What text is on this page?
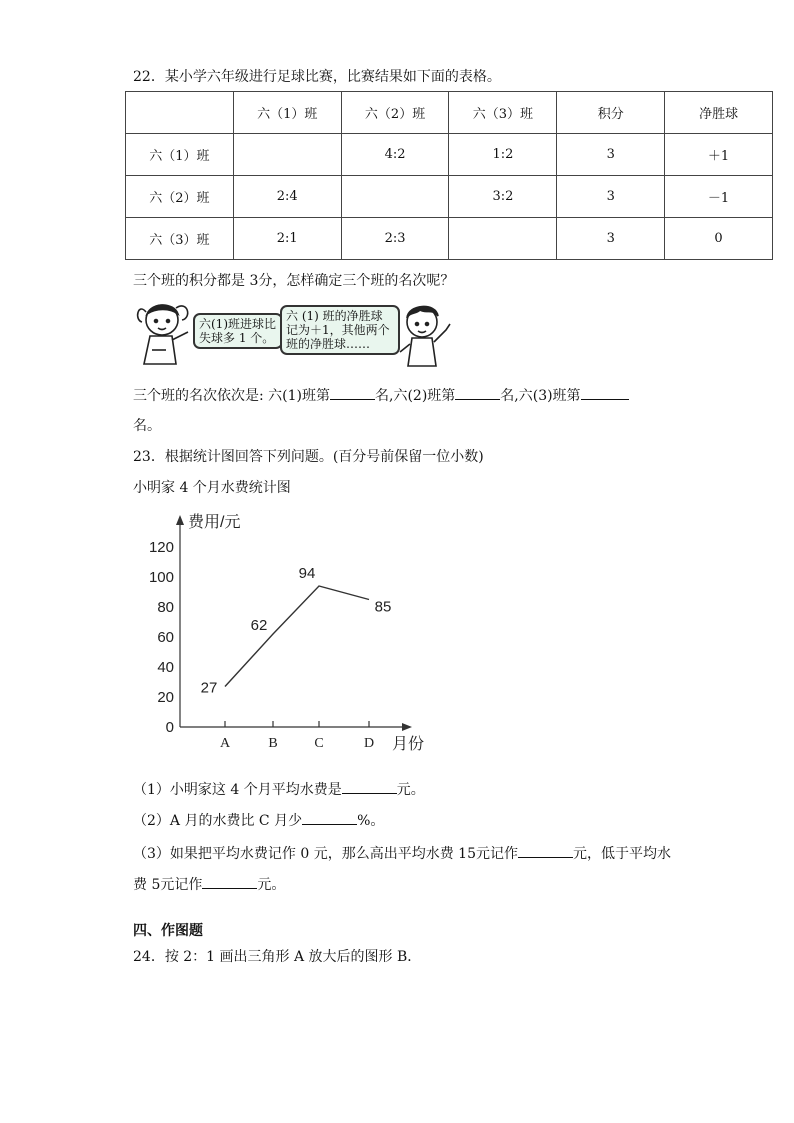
22．某小学六年级进行足球比赛，比赛结果如下面的表格。
	六（1）班	六（2）班	六（3）班	积分	净胜球
六（1）班		4:2	1:2	3	＋1
六（2）班	2:4		3:2	3	－1
六（3）班	2:1	2:3		3	0
三个班的积分都是 3分，怎样确定三个班的名次呢？
六(1)班进球比失球多 1 个。
六 (1) 班的净胜球记为＋1，其他两个班的净胜球……
三个班的名次依次是: 六(1)班第	名,六(2)班第	名,六(3)班第
名。
23．根据统计图回答下列问题。(百分号前保留一位小数)
小明家 4 个月水费统计图
费用/元
月份
0
20
40
60
80
100
120
A	B	C	D
27
62
94
85
（1）小明家这 4 个月平均水费是	元。
（2）A 月的水费比 C 月少	%。
（3）如果把平均水费记作 0 元，那么高出平均水费 15元记作	元，低于平均水
费 5元记作	元。
四、作图题
24．按 2：1 画出三角形 A 放大后的图形 B．
